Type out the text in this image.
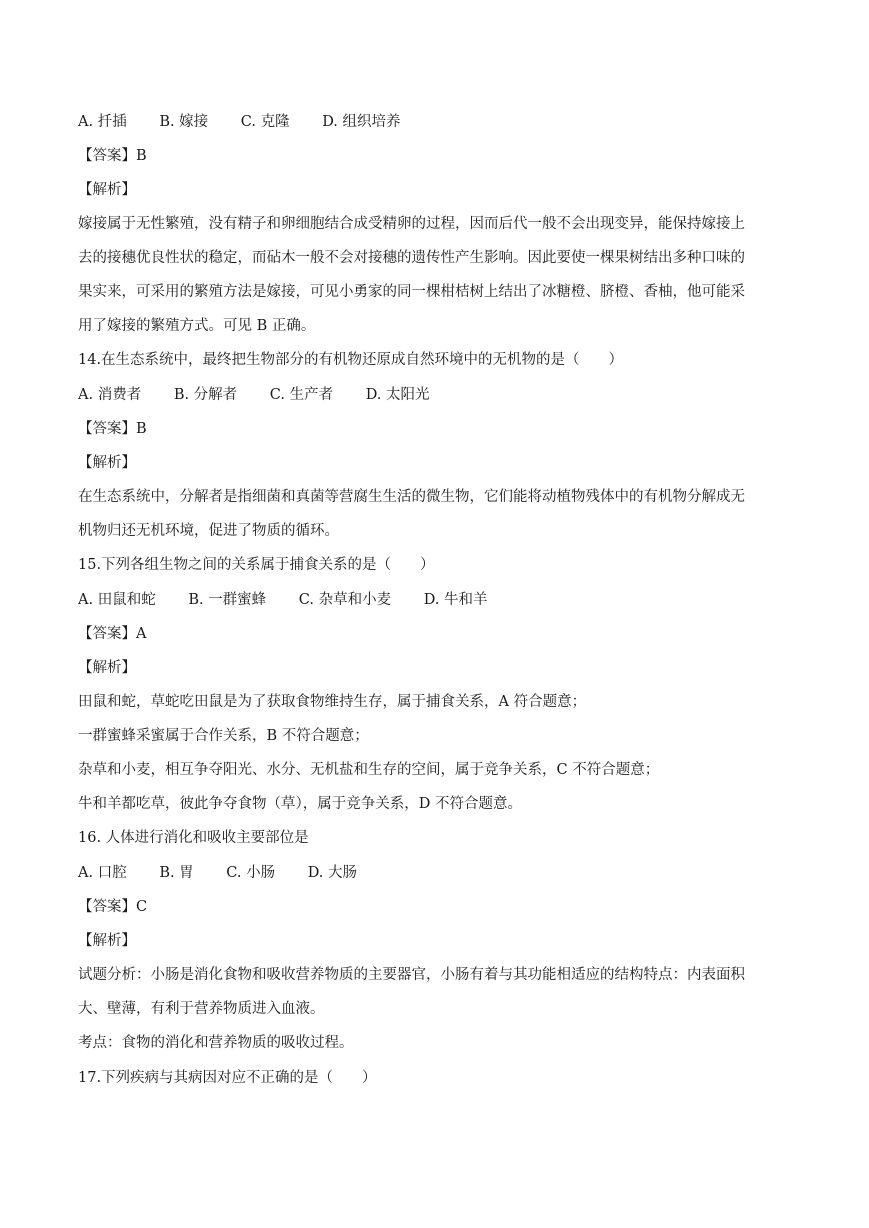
A. 扦插 B. 嫁接 C. 克隆 D. 组织培养
【答案】B
【解析】
嫁接属于无性繁殖，没有精子和卵细胞结合成受精卵的过程，因而后代一般不会出现变异，能保持嫁接上
去的接穗优良性状的稳定，而砧木一般不会对接穗的遗传性产生影响。因此要使一棵果树结出多种口味的
果实来，可采用的繁殖方法是嫁接，可见小勇家的同一棵柑桔树上结出了冰糖橙、脐橙、香柚，他可能采
用了嫁接的繁殖方式。可见 B 正确。
14.在生态系统中，最终把生物部分的有机物还原成自然环境中的无机物的是（　　）
A. 消费者 B. 分解者 C. 生产者 D. 太阳光
【答案】B
【解析】
在生态系统中，分解者是指细菌和真菌等营腐生生活的微生物，它们能将动植物残体中的有机物分解成无
机物归还无机环境，促进了物质的循环。
15.下列各组生物之间的关系属于捕食关系的是（　　）
A. 田鼠和蛇 B. 一群蜜蜂 C. 杂草和小麦 D. 牛和羊
【答案】A
【解析】
田鼠和蛇，草蛇吃田鼠是为了获取食物维持生存，属于捕食关系，A 符合题意；
一群蜜蜂采蜜属于合作关系，B 不符合题意；
杂草和小麦，相互争夺阳光、水分、无机盐和生存的空间，属于竞争关系，C 不符合题意；
牛和羊都吃草，彼此争夺食物（草），属于竞争关系，D 不符合题意。
16. 人体进行消化和吸收主要部位是
A. 口腔 B. 胃 C. 小肠 D. 大肠
【答案】C
【解析】
试题分析：小肠是消化食物和吸收营养物质的主要器官，小肠有着与其功能相适应的结构特点：内表面积
大、壁薄，有利于营养物质进入血液。
考点：食物的消化和营养物质的吸收过程。
17.下列疾病与其病因对应不正确的是（　　）
